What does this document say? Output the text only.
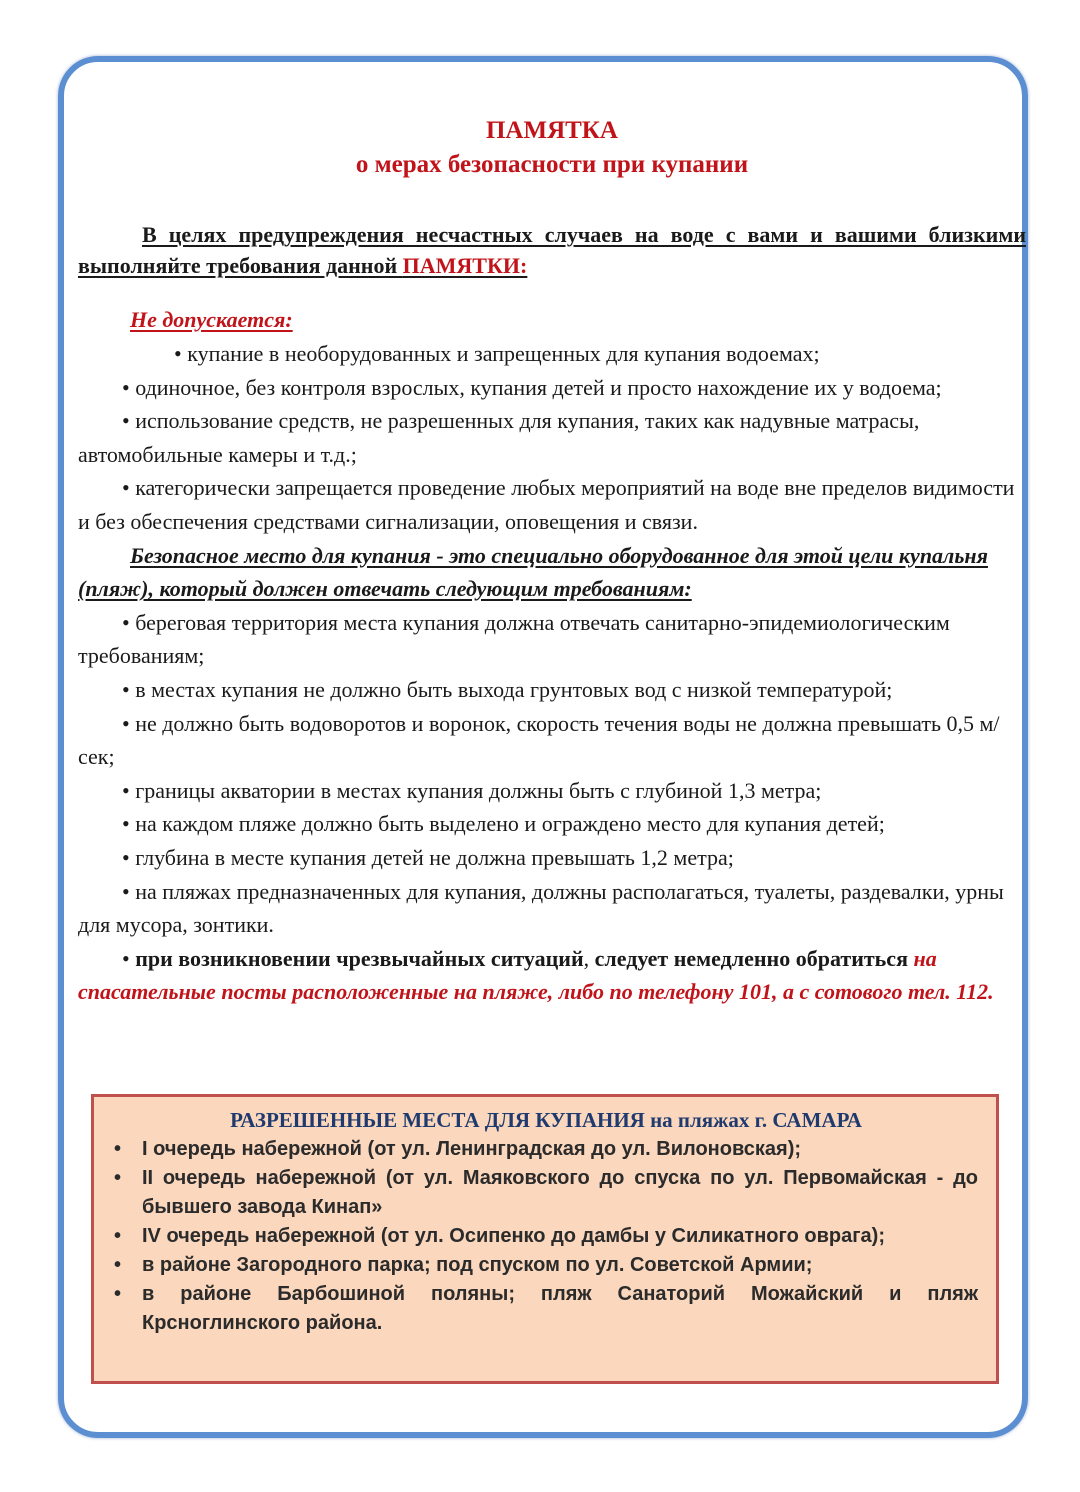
ПАМЯТКА

о мерах безопасности при купании

В целях предупреждения несчастных случаев на воде с вами и вашими близкими выполняйте требования данной ПАМЯТКИ:

Не допускается:

• купание в необорудованных и запрещенных для купания водоемах;

• одиночное, без контроля взрослых, купания детей и просто нахождение их у водоема;

• использование средств, не разрешенных для купания, таких как надувные матрасы, автомобильные камеры и т.д.;

• категорически запрещается проведение любых мероприятий на воде вне пределов видимости и без обеспечения средствами сигнализации, оповещения и связи.

Безопасное место для купания - это специально оборудованное для этой цели купальня (пляж), который должен отвечать следующим требованиям:

• береговая территория места купания должна отвечать санитарно-эпидемиологическим требованиям;

• в местах купания не должно быть выхода грунтовых вод с низкой температурой;

• не должно быть водоворотов и воронок, скорость течения воды не должна превышать 0,5 м/сек;

• границы акватории в местах купания должны быть с глубиной 1,3 метра;

• на каждом пляже должно быть выделено и ограждено место для купания детей;

• глубина в месте купания детей не должна превышать 1,2 метра;

• на пляжах предназначенных для купания, должны располагаться, туалеты, раздевалки, урны для мусора, зонтики.

• при возникновении чрезвычайных ситуаций, следует немедленно обратиться на спасательные посты расположенные на пляже, либо по телефону 101, а с сотового тел. 112.

РАЗРЕШЕННЫЕ МЕСТА ДЛЯ КУПАНИЯ на пляжах г. САМАРА

• I очередь набережной (от ул. Ленинградская до ул. Вилоновская);
• II очередь набережной (от ул. Маяковского до спуска по ул. Первомайская - до бывшего завода Кинап»
• IV очередь набережной (от ул. Осипенко до дамбы у Силикатного оврага);
• в районе Загородного парка; под спуском по ул. Советской Армии;
• в районе Барбошиной поляны; пляж Санаторий Можайский и пляж Крсноглинского района.
